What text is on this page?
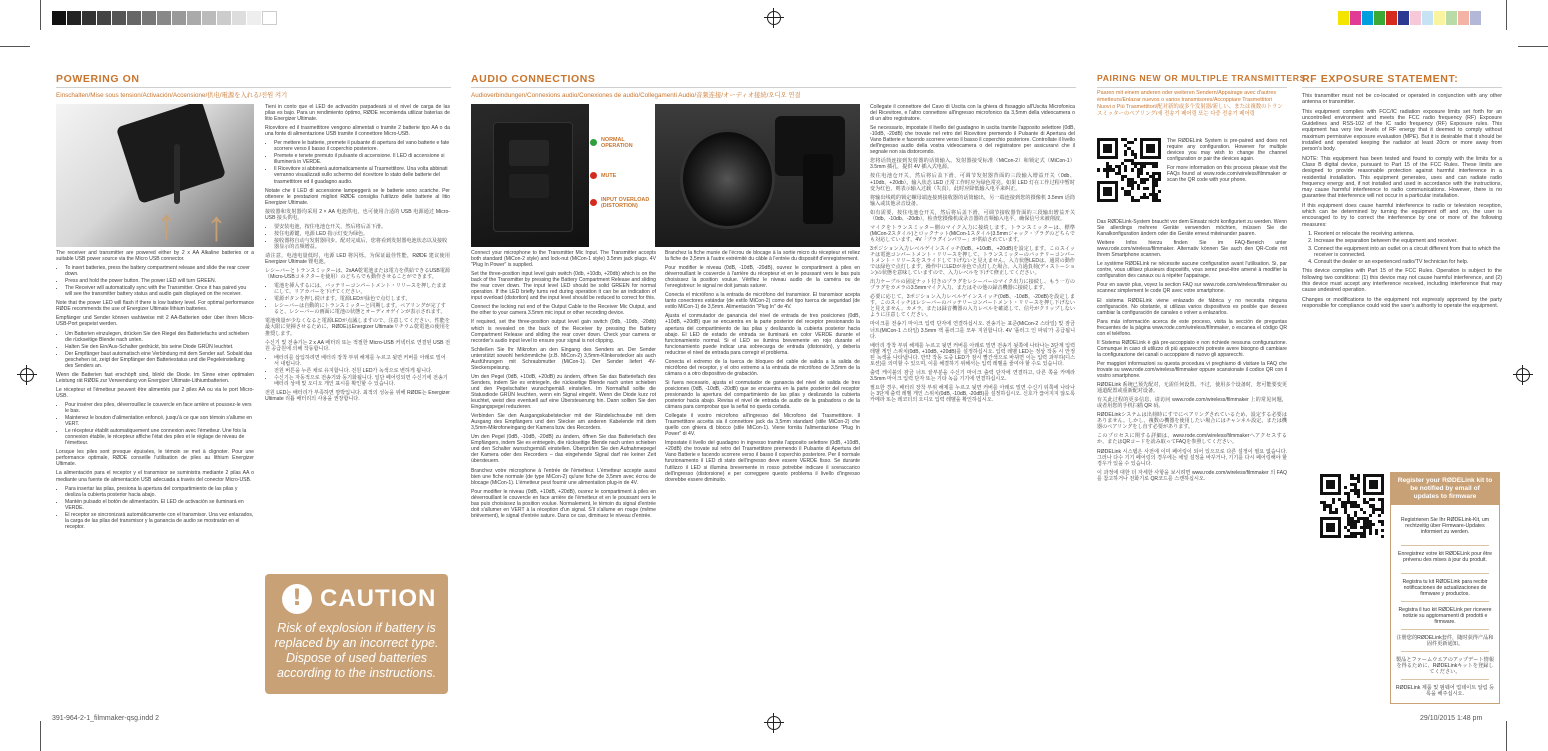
POWERING ON
Einschalten/Mise sous tension/Activación/Accensione/供电/電源を入れる/전원 켜기
↑ ↑

The receiver and transmitter are powered either by 2 x AA Alkaline batteries or a suitable USB power source via the Micro USB connector.

• To insert batteries, press the battery compartment release and slide the rear cover down.
• Press and hold the power button. The power LED will turn GREEN.
• The Receiver will automatically sync with the Transmitter. Once it has paired you will see the transmitter battery status and audio gain displayed on the receiver.

Note that the power LED will flash if there is low battery level. For optimal performance RØDE recommends the use of Energizer Ultimate lithium batteries.

Empfänger und Sender können wahlweise mit 2 AA-Batterien oder über ihren Micro-USB-Port gespeist werden.

• Um Batterien einzulegen, drücken Sie den Riegel des Batteriefachs und schieben die rückseitige Blende nach unten.
• Halten Sie den Ein/Aus-Schalter gedrückt, bis seine Diode GRÜN leuchtet.
• Der Empfänger baut automatisch eine Verbindung mit dem Sender auf. Sobald das geschehen ist, zeigt der Empfänger den Batteriestatus und die Pegeleinstellung des Senders an.

Wenn die Batterien fast erschöpft sind, blinkt die Diode. Im Sinne einer optimalen Leistung rät RØDE zur Verwendung von Energizer Ultimate-Lithiumbatterien.

Le récepteur et l'émetteur peuvent être alimentés par 2 piles AA ou via le port Micro-USB.

• Pour insérer des piles, déverrouillez le couvercle en face arrière et poussez-le vers le bas.
• Maintenez le bouton d'alimentation enfoncé, jusqu'à ce que son témoin s'allume en VERT.
• Le récepteur établit automatiquement une connexion avec l'émetteur. Une fois la connexion établie, le récepteur affiche l'état des piles et le réglage de niveau de l'émetteur.

Lorsque les piles sont presque épuisées, le témoin se met à clignoter. Pour une performance optimale, RØDE conseille l'utilisation de piles au lithium Energizer Ultimate.

La alimentación para el receptor y el transmisor se suministra mediante 2 pilas AA o mediante una fuente de alimentación USB adecuada a través del conector Micro-USB.

• Para insertar las pilas, presiona la apertura del compartimiento de las pilas y desliza la cubierta posterior hacia abajo.
• Mantén pulsado el botón de alimentación. El LED de activación se iluminará en VERDE.
• El receptor se sincronizará automáticamente con el transmisor. Una vez enlazados, la carga de las pilas del transmisor y la ganancia de audio se mostrarán en el receptor.

Tieni in conto que el LED de activación parpadeará si el nivel de carga de las pilas es bajo. Para un rendimiento óptimo, RØDE recomienda utilizar baterías de litio Energizer Ultimate.

Ricevitore ed il trasmettitore vengono alimentati o tramite 2 batterie tipo AA o da una fonte di alimentazione USB tramite il connettore Micro-USB.

• Per mettere le batterie, premete il pulsante di apertura del vano batterie e fate scorrere verso il basso il coperchio posteriore.
• Premete e tenete premuto il pulsante di accensione. Il LED di accensione si illuminerà in VERDE.
• Il Ricevitore si abbinerà automaticamente al Trasmettitore. Una volta abbinati verranno visualizzati sullo schermo del ricevitore lo stato delle batterie del trasmettitore ed il guadagno audio.

Notate che il LED di accensione lampeggerà se le batterie sono scariche. Per ottenere le prestazioni migliori RØDE consiglia l'utilizzo delle batterie al litio Energizer Ultimate.

接收器和发射器均采用 2 × AA 电池供电，也可使用合适的 USB 电源通过 Micro-USB 接头供电。

• 要安装电池，按住电池仓开关，然后将后盖下滑。
• 按住电源键，电源 LED 指示灯变为绿色。
• 接收器将自动与发射器同步。配对完成后，您将看到发射器电池状态以及接收器显示的音频增益。

请注意，电池电量低时，电源 LED 将闪烁。为保证最佳性能，RØDE 建议使用 Energizer Ultimate 锂电池。

レシーバーとトランスミッターは、2xAA乾電池または電力を供給できるUSB電源（Micro-USBコネクターを使用）のどちらでも動作させることができます。

• 電池を挿入するには、バッテリーコンパートメント・リリースを押したままにして、リアカバーを下げてください。
• 電源ボタンを押し続けます。電源LEDが緑色で点灯します。
• レシーバーは自動的にトランスミッターと同期します。ペアリングが完了すると、レシーバーの画面に電池の状態とオーディオゲインが表示されます。

電池残量が少なくなると電源LEDが点滅しますので、注意してください。性能を最大限に発揮させるために、RØDEはEnergizer Ultimateリチウム乾電池の使用を推奨します。

수신기 및 전송기는 2 x AA 배터리 또는 적절한 Micro-USB 커넥터로 연결된 USB 전원 공급원에 의해 작동합니다.

• 배터리를 삽입하려면 배터리 장착 부위 해제를 누르고 뒷면 커버를 아래로 밀어서 내립니다.
• 전원 버튼을 누른 채로 유지합니다. 전원 LED가 녹색으로 변하게 됩니다.
• 수신기는 자동적으로 전송기와 동기화됩니다. 일단 페어링되면 수신기에 전송기 배터리 상태 및 오디오 게인 표시를 확인할 수 있습니다.

전원 LED는 배터리가 부족하면 깜박입니다. 최적의 성능을 위해 RØDE는 Energizer Ultimate 리튬 배터리의 사용을 권장합니다.

! CAUTION
Risk of explosion if battery is replaced by an incorrect type. Dispose of used batteries according to the instructions.
AUDIO CONNECTIONS
Audioverbindungen/Connexions audio/Conexiones de audio/Collegamenti Audio/音频连接/オーディオ接続/오디오 연결
NORMAL OPERATION
MUTE
INPUT OVERLOAD (DISTORTION)

Connect your microphone to the Transmitter Mic Input. The Transmitter accepts both standard (MiCon-2 style) and lock-nut (MiCon-1 style) 3.5mm jack plugs. 4V "Plug In Power" is supplied.

Set the three-position input level gain switch (0db, +10db, +20db) which is on the back of the Transmitter by pressing the Battery Compartment Release and sliding the rear cover down. The input level LED should be solid GREEN for normal operation. If the LED briefly turns red during operation it can be an indication of input overload (distortion) and the input level should be reduced to correct for this.

Connect the locking nut end of the Output Cable to the Receiver Mic Output, and the other to your camera 3.5mm mic input or other recording device.

If required, set the three-position output level gain switch (0db, -10db, -20db) which is revealed on the back of the Receiver by pressing the Battery Compartment Release and sliding the rear cover down. Check your camera or recorder's audio input level to ensure your signal is not clipping.

Schließen Sie Ihr Mikrofon an den Eingang des Senders an. Der Sender unterstützt sowohl herkömmliche (z.B. MiCon-2) 3,5mm-Klinkenstecker als auch Ausführungen mit Schraubmutter (MiCon-1). Der Sender liefert 4V-Steckerspeisung.

Um den Pegel (0dB, +10dB, +20dB) zu ändern, öffnen Sie das Batteriefach des Senders, indem Sie es entriegeln, die rückseitige Blende nach unten schieben und den Pegelschalter wunschgemäß einstellen. Im Normalfall sollte die Statusdiode GRÜN leuchten, wenn ein Signal eingeht. Wenn die Diode kurz rot leuchtet, weist dies eventuell auf eine Übersteuerung hin. Dann sollten Sie den Eingangspegel reduzieren.

Verbinden Sie den Ausgangskabelstecker mit der Rändelschraube mit dem Ausgang des Empfängers und den Stecker am anderen Kabelende mit dem 3,5mm-Mikrofoneingang der Kamera bzw. des Recorders.

Um den Pegel (0dB, -10dB, -20dB) zu ändern, öffnen Sie das Batteriefach des Empfängers, indem Sie es entriegeln, die rückseitige Blende nach unten schieben und den Schalter wunschgemäß einstellen. Überprüfen Sie den Aufnahmepegel der Kamera oder des Recorders – das eingehende Signal darf nie keiner Zeit übersteuern.

Branchez votre microphone à l'entrée de l'émetteur. L'émetteur accepte aussi bien une fiche normale (de type MiCon-2) qu'une fiche de 3,5mm avec écrou de blocage (MiCon-1). L'émetteur peut fournir une alimentation plug-in de 4V.

Pour modifier le niveau (0dB, +10dB, +20dB), ouvrez le compartiment à piles en déverrouillant le couvercle en face arrière de l'émetteur et en le poussant vers le bas puis choisissez la position voulue. Normalement, le témoin du signal d'entrée doit s'allumer en VERT à la réception d'un signal. S'il s'allume en rouge (même brièvement), le signal d'entrée sature. Dans ce cas, diminuez le niveau d'entrée.

Branchez la fiche munie de l'écrou de blocage à la sortie micro du récepteur et reliez la fiche de 3,5mm à l'autre extrémité du câble à l'entrée du dispositif d'enregistrement.

Pour modifier le niveau (0dB, -10dB, -20dB), ouvrez le compartiment à piles en déverrouillant le couvercle à l'arrière du récepteur et en le poussant vers le bas puis choisissez la position voulue. Vérifiez le niveau audio de la caméra ou de l'enregistreur: le signal ne doit jamais saturer.

Conecta el micrófono a la entrada de micrófono del transmisor. El transmisor acepta tanto conectores estándar (de estilo MiCon-2) como del tipo tuerca de seguridad (de estilo MiCon-1) de 3,5mm. Alimentación "Plug In" de 4V.

Ajusta el conmutador de ganancia del nivel de entrada de tres posiciones (0dB, +10dB, +20dB) que se encuentra en la parte posterior del receptor presionando la apertura del compartimiento de las pilas y deslizando la cubierta posterior hacia abajo. El LED de estado de entrada se iluminará en color VERDE durante el funcionamiento normal. Si el LED se ilumina brevemente en rojo durante el funcionamiento puede indicar una sobrecarga de entrada (distorsión), y debería reducirse el nivel de entrada para corregir el problema.

Conecta el extremo de la tuerca de bloqueo del cable de salida a la salida de micrófono del receptor, y el otro extremo a la entrada de micrófono de 3,5mm de la cámara o a otro dispositivo de grabación.

Si fuera necesario, ajusta el conmutador de ganancia del nivel de salida de tres posiciones (0dB, -10dB, -20dB) que se encuentra en la parte posterior del receptor presionando la apertura del compartimiento de las pilas y deslizando la cubierta posterior hacia abajo. Revisa el nivel de entrada de audio de la grabadora o de la cámara para comprobar que la señal no queda cortada.

Collegate il vostro microfono all'ingresso del Microfono del Trasmettitore. Il Trasmettitore accetta sia il connettore jack da 3,5mm standard (stile MiCon-2) che quello con ghiera di blocco (stile MiCon-1). Viene fornita l'alimentazione "Plug In Power" di 4V.

Impostate il livello del guadagno in ingresso tramite l'apposito selettore (0dB, +10dB, +20dB) che trovate sul retro del Trasmettitore premendo il Pulsante di Apertura del Vano Batterie e facendo scorrere verso il basso il coperchio posteriore. Per il normale funzionamento il LED di stato dell'ingresso deve essere VERDE fisso. Se durante l'utilizzo il LED si illumina brevemente in rosso potrebbe indicare il sovraccarico dell'ingresso (distorsione) e per correggere questo problema il livello d'ingresso dovrebbe essere diminuito.

Collegate il connettore del Cavo di Uscita con la ghiera di fissaggio all'Uscita Microfonica del Ricevitore, e l'altro connettore all'ingresso microfonico da 3,5mm della videocamera o di un altro registratore.

Se necessario, impostate il livello del guadagno in uscita tramite l'apposito selettore (0dB, -10dB, -20dB) che trovate nel retro del Ricevitore premendo il Pulsante di Apertura del Vano Batterie e facendo scorrere verso il basso il coperchio posteriore. Controllate il livello dell'ingresso audio della vostra videocamera o del registratore per assicurarvi che il segnale non sia distorcendo.

您将话筒连接到发射器的话筒输入。发射器接受标准（MiCon-2）和锁定式（MiCon-1）3.5mm 插孔，提供 4V 插入式电源。

按住电池仓开关，然后将后盖下滑，可调节发射器背面的三段输入增益开关（0db、+10db、+20db）。输入状态 LED 正常工作时应为绿色常亮。如果 LED 灯在工作过程中暂时变为红色，则表示输入过载（失真），此时应降低输入电平来纠正。

将输出线缆的锁定螺母端连接到接收器的话筒输出，另一端连接到您的摄像机 3.5mm 话筒输入或其他录音设备。

如有需要，按住电池仓开关，然后将后盖下滑，可调节接收器背面的三段输出增益开关（0db、-10db、-20db）。检查您摄像机或录音器的音频输入电平，确保信号未被削波。

マイクをトランスミッター側のマイク入力に接続します。トランスミッターは、標準(MiCon-2スタイル)とロックナット(MiCon-1スタイル)3.5mmジャック・プラグのどちらでも対応しています。4V「プラグインパワー」が供給されています。

3ポジション入力レベルゲインスイッチ(0dB、+10dB、+20dB)を設定します。このスイッチは電池コンパートメント・リリースを押して、トランスミッターのバッテリーコンパートメント・リリースをスライドして下げないと見えません。入力状態LEDは、通常の動作では緑色で点灯します。操作中にLEDが赤色で点灯した場合、入力過負荷(ディストーション)の状態を意味していますので、入力レベルを下げて修正してください。

出力ケーブルの固定ナット付きのプラグをレシーバーのマイク出力に接続し、もう一方のプラグをカメラの3.5mmマイク入力、またはその他の録音機器に接続します。

必要に応じて、3ポジション入力レベルゲインスイッチ(0dB、-10dB、-20dB)を設定します。このスイッチはレシーバーのバッテリーコンパートメント・リリースを押し下げないと見えません。カメラ、または録音機器の入力レベルを確認して、信号がクリップしないように注意してください。

마이크를 전송기 마이크 입력 단자에 연결하십시오. 전송기는 표준(MiCon-2 스타일) 및 잠금 너트(MiCon-1 스타일) 3.5mm 잭 플러그를 모두 지원합니다. 4V '플러그 인 파워'가 공급됩니다.

배터리 장착 부위 해제를 누르고 뒷면 커버를 아래로 밀면 전송기 뒷쪽에 나타나는 3단계 입력 레벨 게인 스위치(0dB, +10dB, +20dB)를 설정하십시오. 입력 레벨 LED는 정상 작동 시 안정된 녹색을 나타냅니다. 만약 작동 도중 LED가 잠시 빨간색으로 바뀌면 이는 입력 과부하(디스토션)를 의미할 수 있으며, 이를 해결하기 위해서는 입력 레벨을 줄여야 할 수도 있습니다.

출력 케이블의 잠금 너트 끝부분을 수신기 마이크 출력 단자에 연결하고, 다른 쪽을 카메라 3.5mm 마이크 입력 단자 또는 기타 녹음 기기에 연결하십시오.

필요한 경우, 배터리 장착 부위 해제를 누르고 뒷면 커버를 아래로 밀면 수신기 뒤쪽에 나타나는 3단계 출력 레벨 게인 스위치(0dB, -10dB, -20dB)를 설정하십시오. 신호가 끊어지지 않도록 카메라 또는 레코더의 오디오 입력 레벨을 확인하십시오.

PAIRING NEW OR MULTIPLE TRANSMITTERS
Paaren mit einem anderen oder weiteren Sendern/Appairage avec d'autres émetteurs/Enlazar nuevos o varios transmisores/Accoppiare Trasmettitori Nuovi o Più Trasmettitori/配对新的或多个发射器/新しい、または複数のトランスミッターのペアリング/새 전송기 페어링 또는 다중 전송기 페어링

The RØDELink System is pre-paired and does not require any configuration. However for multiple devices you may wish to change the channel configuration or pair the devices again.

For more information on this process please visit the FAQs found at www.rode.com/wireless/filmmaker or scan the QR code with your phone.

Das RØDELink-System braucht vor dem Einsatz nicht konfiguriert zu werden. Wenn Sie allerdings mehrere Geräte verwenden möchten, müssen Sie die Kanalkonfiguration ändern oder die Geräte erneut miteinander paaren.

Weitere Infos hierzu finden Sie im FAQ-Bereich unter www.rode.com/wireless/filmmaker. Alternativ können Sie auch den QR-Code mit Ihrem Smartphone scannen.

Le système RØDELink ne nécessite aucune configuration avant l'utilisation. Si, par contre, vous utilisez plusieurs dispositifs, vous serez peut-être amené à modifier la configuration des canaux ou à répéter l'appairage.

Pour en savoir plus, voyez la section FAQ sur www.rode.com/wireless/filmmaker ou scannez simplement le code QR avec votre smartphone.

El sistema RØDELink viene enlazado de fábrica y no necesita ninguna configuración. No obstante, si utilizas varios dispositivos es posible que desees cambiar la configuración de canales o volver a enlazarlos.

Para más información acerca de este proceso, visita la sección de preguntas frecuentes de la página www.rode.com/wireless/filmmaker, o escanea el código QR con el teléfono.

Il Sistema RØDELink è già pre-accoppiato e non richiede nessuna configurazione. Comunque in caso di utilizzo di più apparecchi potreste avere bisogno di cambiare la configurazione dei canali o accoppiare di nuovo gli apparecchi.

Per maggiori informazioni su questa procedura vi preghiamo di visitare la FAQ che trovate su www.rode.com/wireless/filmmaker oppure scansionate il codice QR con il vostro smartphone.

RØDELink 系统已预先配对，无需任何设置。不过，使用多个设备时，您可能要变更通道配置或重新配对设备。

有关此过程的更多信息，请访问 www.rode.com/wireless/filmmaker 上的常见问题，或者用您的手机扫描 QR 码。

RØDELinkシステムは出荷時にすでにペアリングされているため、設定する必要はありません。しかし、複数の機器を使用したい場合にはチャンネル設定、または機器のペアリングをし直す必要があります。

このプロセスに関する詳細は、www.rode.com/wireless/filmmakerへアクセスするか、またはQRコードを読み取ってFAQを参照してください。

RØDELink 시스템은 사전에 이미 페어링이 되어 있으므로 다른 설정이 필요 없습니다. 그러나 다수 기기 페어링의 경우에는 채널 설정을 바꾸거나, 기기를 다시 페어링해야 할 경우가 있을 수 있습니다.

이 과정에 대한 더 자세한 사항을 보시려면 www.rode.com/wireless/filmmaker 의 FAQ를 참고하거나 전화기로 QR코드를 스캔하십시오.

RF EXPOSURE STATEMENT:

This transmitter must not be co-located or operated in conjunction with any other antenna or transmitter.

This equipment complies with FCC/IC radiation exposure limits set forth for an uncontrolled environment and meets the FCC radio frequency (RF) Exposure Guidelines and RSS-102 of the IC radio frequency (RF) Exposure rules. This equipment has very low levels of RF energy that it deemed to comply without maximum permissive exposure evaluation (MPE). But it is desirable that it should be installed and operated keeping the radiator at least 20cm or more away from person's body.

NOTE: This equipment has been tested and found to comply with the limits for a Class B digital device, pursuant to Part 15 of the FCC Rules. These limits are designed to provide reasonable protection against harmful interference in a residential installation. This equipment generates, uses and can radiate radio frequency energy and, if not installed and used in accordance with the instructions, may cause harmful interference to radio communications. However, there is no guarantee that interference will not occur in a particular installation.

If this equipment does cause harmful interference to radio or television reception, which can be determined by turning the equipment off and on, the user is encouraged to try to correct the interference by one or more of the following measures:

1. Reorient or relocate the receiving antenna.
2. Increase the separation between the equipment and receiver.
3. Connect the equipment into an outlet on a circuit different from that to which the receiver is connected.
4. Consult the dealer or an experienced radio/TV technician for help.

This device complies with Part 15 of the FCC Rules. Operation is subject to the following two conditions: (1) this device may not cause harmful interference, and (2) this device must accept any interference received, including interference that may cause undesired operation.

Changes or modifications to the equipment not expressly approved by the party responsible for compliance could void the user's authority to operate the equipment.

Register your RØDELink kit to be notified by email of updates to firmware
Registrieren Sie Ihr RØDELink-Kit, um rechtzeitig über Firmware-Updates informiert zu werden.
Enregistrez votre kit RØDELink pour être prévenu des mises à jour du produit.
Registra tu kit RØDELink para recibir notificaciones de actualizaciones de firmware y productos.
Registra il tuo kit RØDELink per ricevere notizie su aggiornamenti di prodotti e firmware.
注册您的RØDELink套件，随时获得产品和固件更新通知。
製品とファームウエアのアップデート情報を得るために、RØDELinkキットを登録してください。
RØDELink 제품 및 펌웨어 업데이트 알림 등록을 해주십시오.
391-964-2-1_filmmaker-qsg.indd 2	29/10/2015 1:48 pm
